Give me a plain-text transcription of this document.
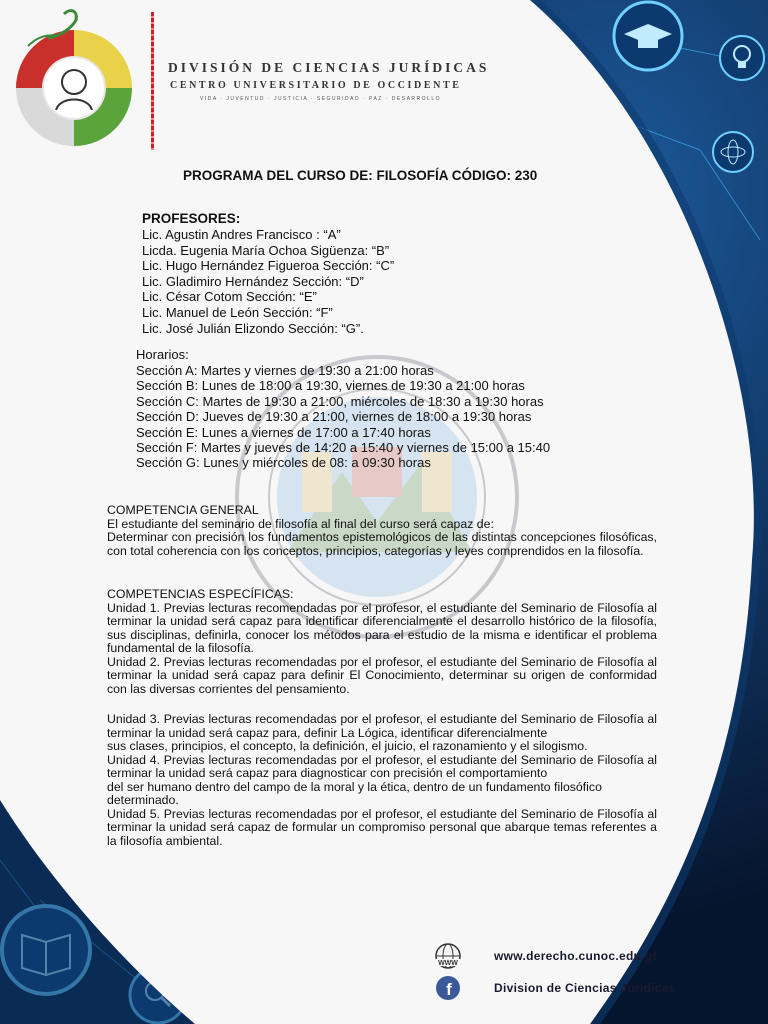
DIVISIÓN DE CIENCIAS JURÍDICAS
CENTRO UNIVERSITARIO DE OCCIDENTE
VIDA · JUVENTUD · JUSTICIA · SEGURIDAD · PAZ · DESARROLLO
PROGRAMA DEL CURSO DE: FILOSOFÍA CÓDIGO: 230
PROFESORES:
Lic. Agustin Andres Francisco : “A”
Licda. Eugenia María Ochoa Sigüenza: “B”
Lic. Hugo Hernández Figueroa Sección: “C”
Lic. Gladimiro Hernández Sección: “D”
Lic. César Cotom Sección: “E”
Lic. Manuel de León Sección: “F”
Lic. José Julián Elizondo Sección: “G”.
Horarios:
Sección A: Martes y viernes de 19:30 a 21:00 horas
Sección B: Lunes de 18:00 a 19:30, viernes de 19:30 a 21:00 horas
Sección C: Martes de 19:30 a 21:00, miércoles de 18:30 a 19:30 horas
Sección D: Jueves de 19:30 a 21:00, viernes de 18:00 a 19:30 horas
Sección E: Lunes a viernes de 17:00 a 17:40 horas
Sección F: Martes y jueves de 14:20 a 15:40 y viernes de 15:00 a 15:40
Sección G: Lunes y miércoles de 08: a 09:30 horas

COMPETENCIA GENERAL

El estudiante del seminario de filosofía al final del curso será capaz de:

Determinar con precisión los fundamentos epistemológicos de las distintas concepciones filosóficas, con total coherencia con los conceptos, principios, categorías y leyes comprendidos en la filosofía.

COMPETENCIAS ESPECÍFICAS:

Unidad 1. Previas lecturas recomendadas por el profesor, el estudiante del Seminario de Filosofía al terminar la unidad será capaz para identificar diferencialmente el desarrollo histórico de la filosofía, sus disciplinas, definirla, conocer los métodos para el estudio de la misma e identificar el problema fundamental de la filosofía.

Unidad 2. Previas lecturas recomendadas por el profesor, el estudiante del Seminario de Filosofía al terminar la unidad será capaz para definir El Conocimiento, determinar su origen de conformidad con las diversas corrientes del pensamiento.

Unidad 3. Previas lecturas recomendadas por el profesor, el estudiante del Seminario de Filosofía al terminar la unidad será capaz para, definir La Lógica, identificar diferencialmente

sus clases, principios, el concepto, la definición, el juicio, el razonamiento y el silogismo.

Unidad 4. Previas lecturas recomendadas por el profesor, el estudiante del Seminario de Filosofía al terminar la unidad será capaz para diagnosticar con precisión el comportamiento

del ser humano dentro del campo de la moral y la ética, dentro de un fundamento filosófico determinado.

Unidad 5. Previas lecturas recomendadas por el profesor, el estudiante del Seminario de Filosofía al terminar la unidad será capaz de formular un compromiso personal que abarque temas referentes a la filosofía ambiental.

WWW
www.derecho.cunoc.edu.gt
f	Division de Ciencias Juridicas
